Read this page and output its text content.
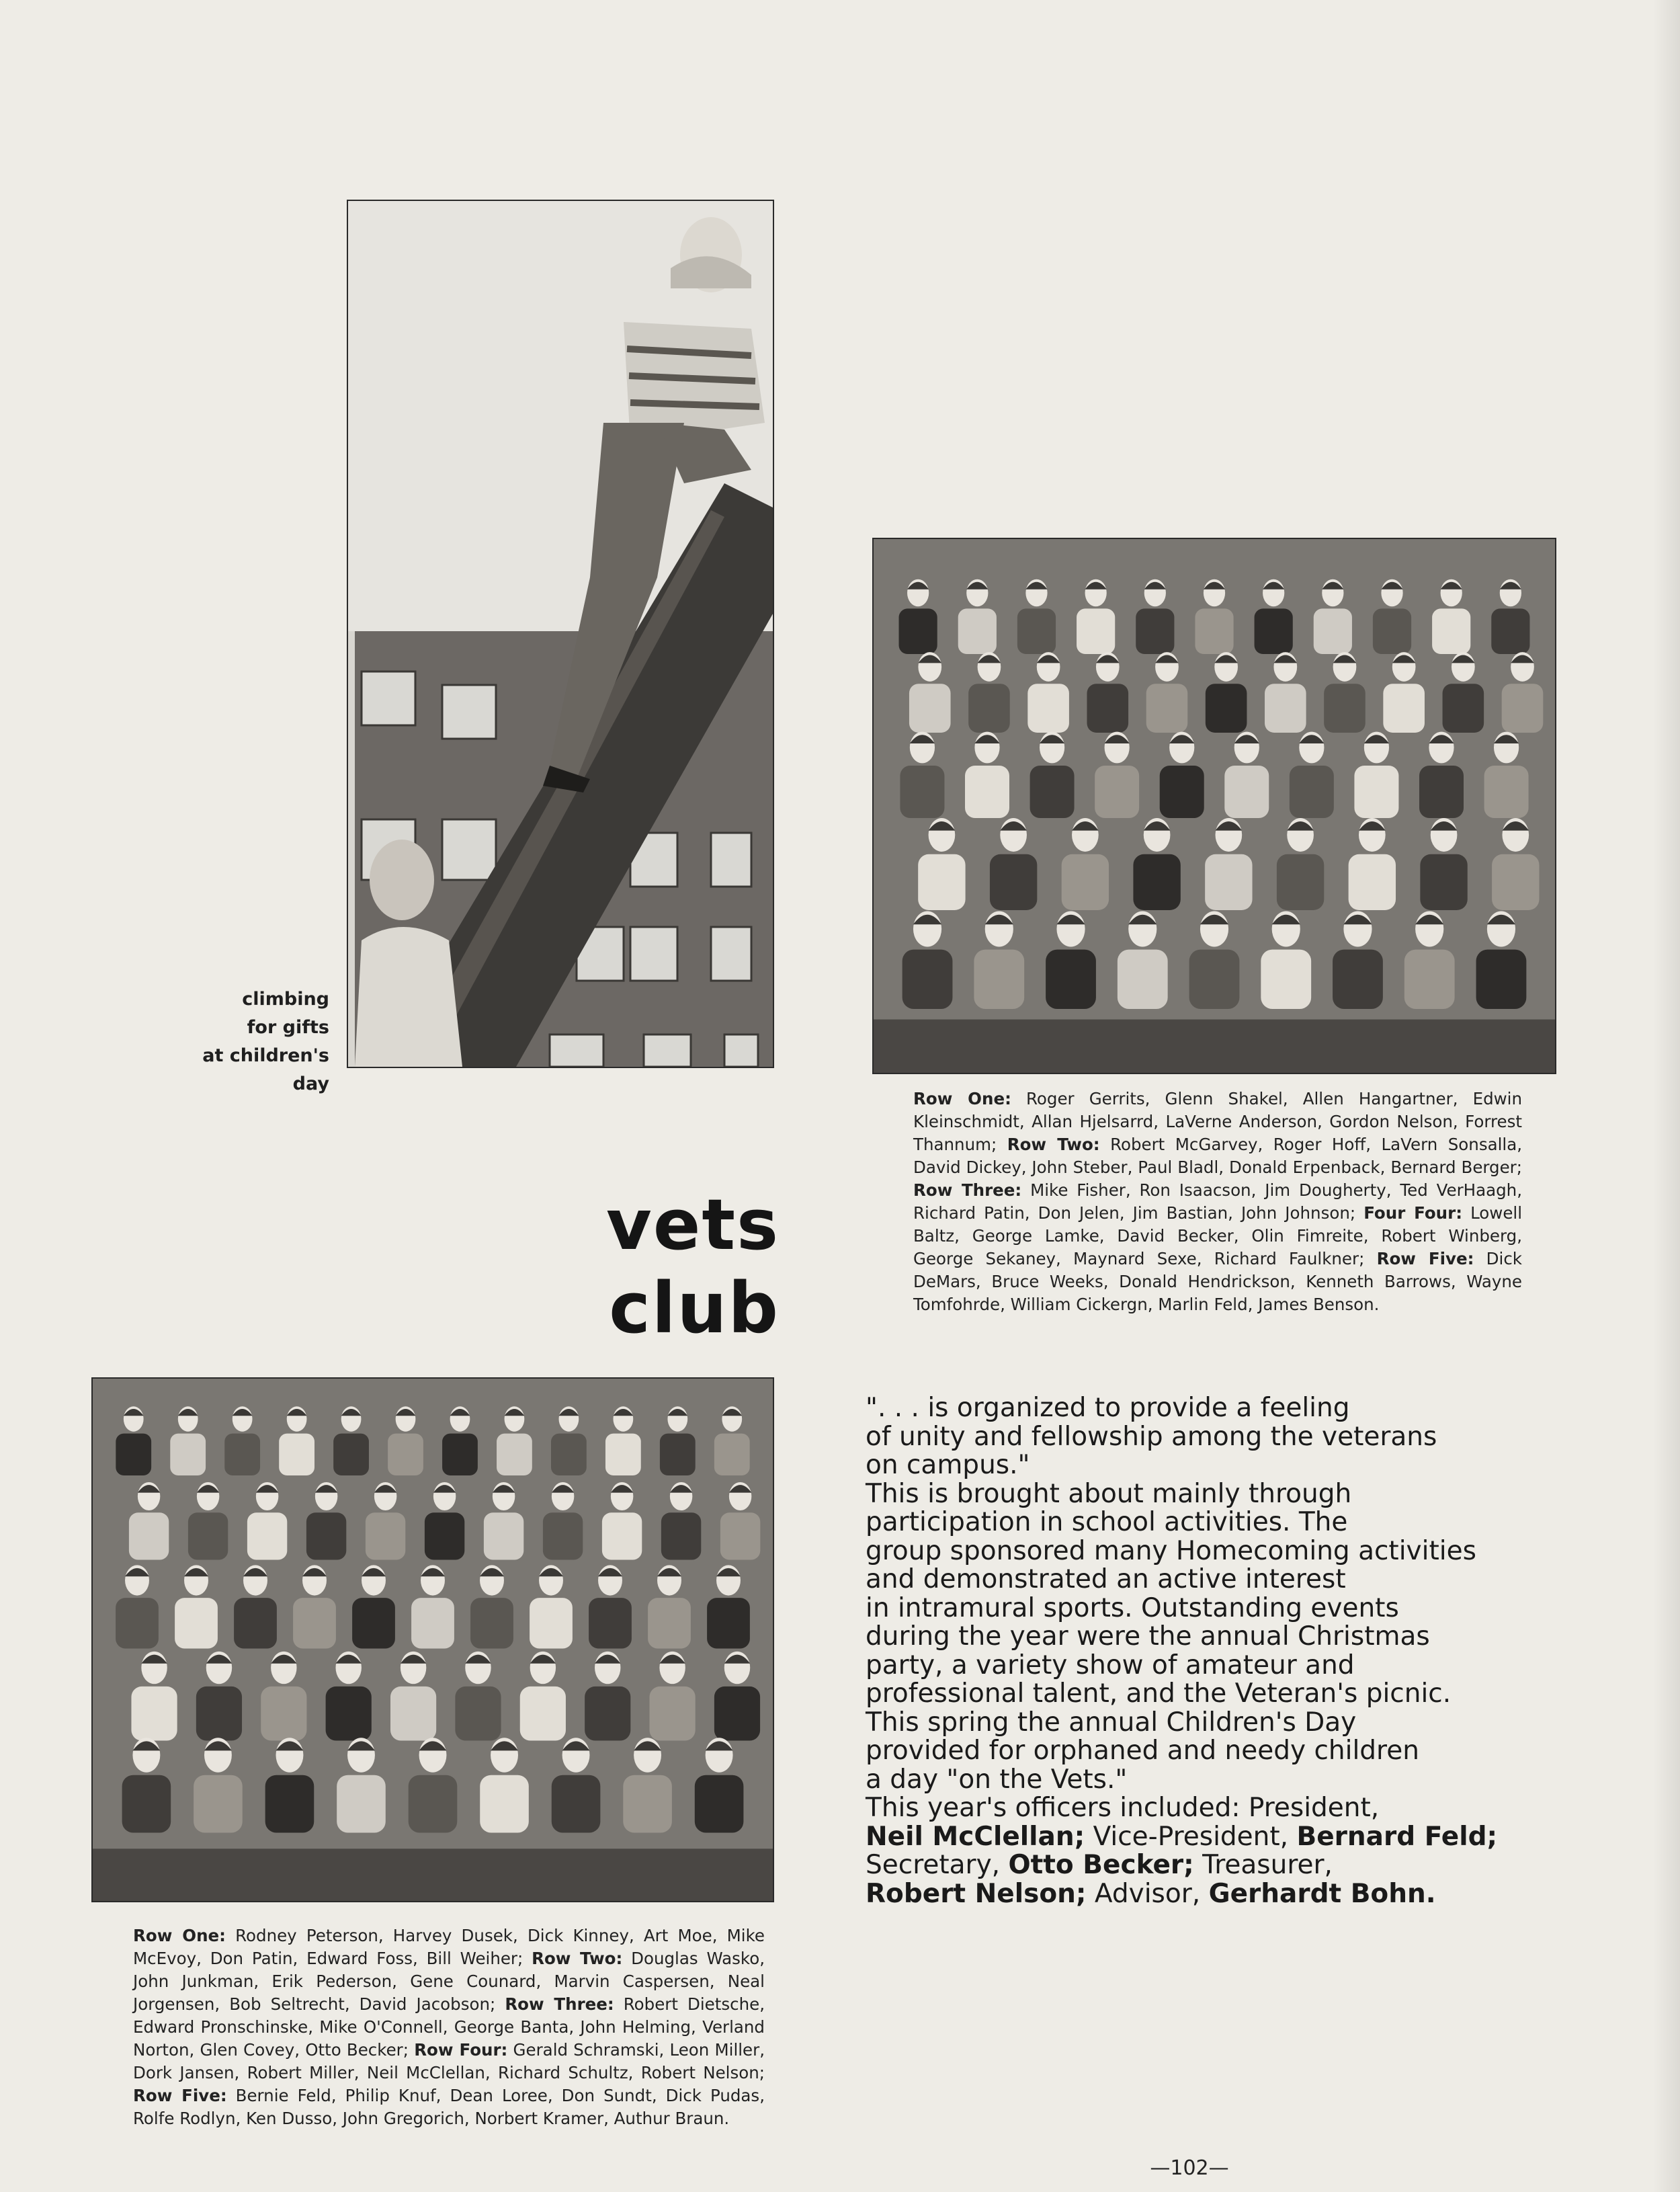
climbing
for gifts
at children's day
Row One: Roger Gerrits, Glenn Shakel, Allen Hangartner, Edwin Kleinschmidt, Allan Hjelsarrd, LaVerne Anderson, Gordon Nelson, Forrest Thannum; Row Two: Robert McGarvey, Roger Hoff, LaVern Sonsalla, David Dickey, John Steber, Paul Bladl, Donald Erpenback, Bernard Berger; Row Three: Mike Fisher, Ron Isaacson, Jim Dougherty, Ted VerHaagh, Richard Patin, Don Jelen, Jim Bastian, John Johnson; Four Four: Lowell Baltz, George Lamke, David Becker, Olin Fimreite, Robert Winberg, George Sekaney, Maynard Sexe, Richard Faulkner; Row Five: Dick DeMars, Bruce Weeks, Donald Hendrickson, Kenneth Barrows, Wayne Tomfohrde, William Cickergn, Marlin Feld, James Benson.
vets
club
Row One: Rodney Peterson, Harvey Dusek, Dick Kinney, Art Moe, Mike McEvoy, Don Patin, Edward Foss, Bill Weiher; Row Two: Douglas Wasko, John Junkman, Erik Pederson, Gene Counard, Marvin Caspersen, Neal Jorgensen, Bob Seltrecht, David Jacobson; Row Three: Robert Dietsche, Edward Pronschinske, Mike O'Connell, George Banta, John Helming, Verland Norton, Glen Covey, Otto Becker; Row Four: Gerald Schramski, Leon Miller, Dork Jansen, Robert Miller, Neil McClellan, Richard Schultz, Robert Nelson; Row Five: Bernie Feld, Philip Knuf, Dean Loree, Don Sundt, Dick Pudas, Rolfe Rodlyn, Ken Dusso, John Gregorich, Norbert Kramer, Authur Braun.

". . . is organized to provide a feeling

of unity and fellowship among the veterans

on campus."

This is brought about mainly through

participation in school activities. The

group sponsored many Homecoming activities

and demonstrated an active interest

in intramural sports. Outstanding events

during the year were the annual Christmas

party, a variety show of amateur and

professional talent, and the Veteran's picnic.

This spring the annual Children's Day

provided for orphaned and needy children

a day "on the Vets."

This year's officers included: President,

Neil McClellan; Vice-President, Bernard Feld;

Secretary, Otto Becker; Treasurer,

Robert Nelson; Advisor, Gerhardt Bohn.

—102—
